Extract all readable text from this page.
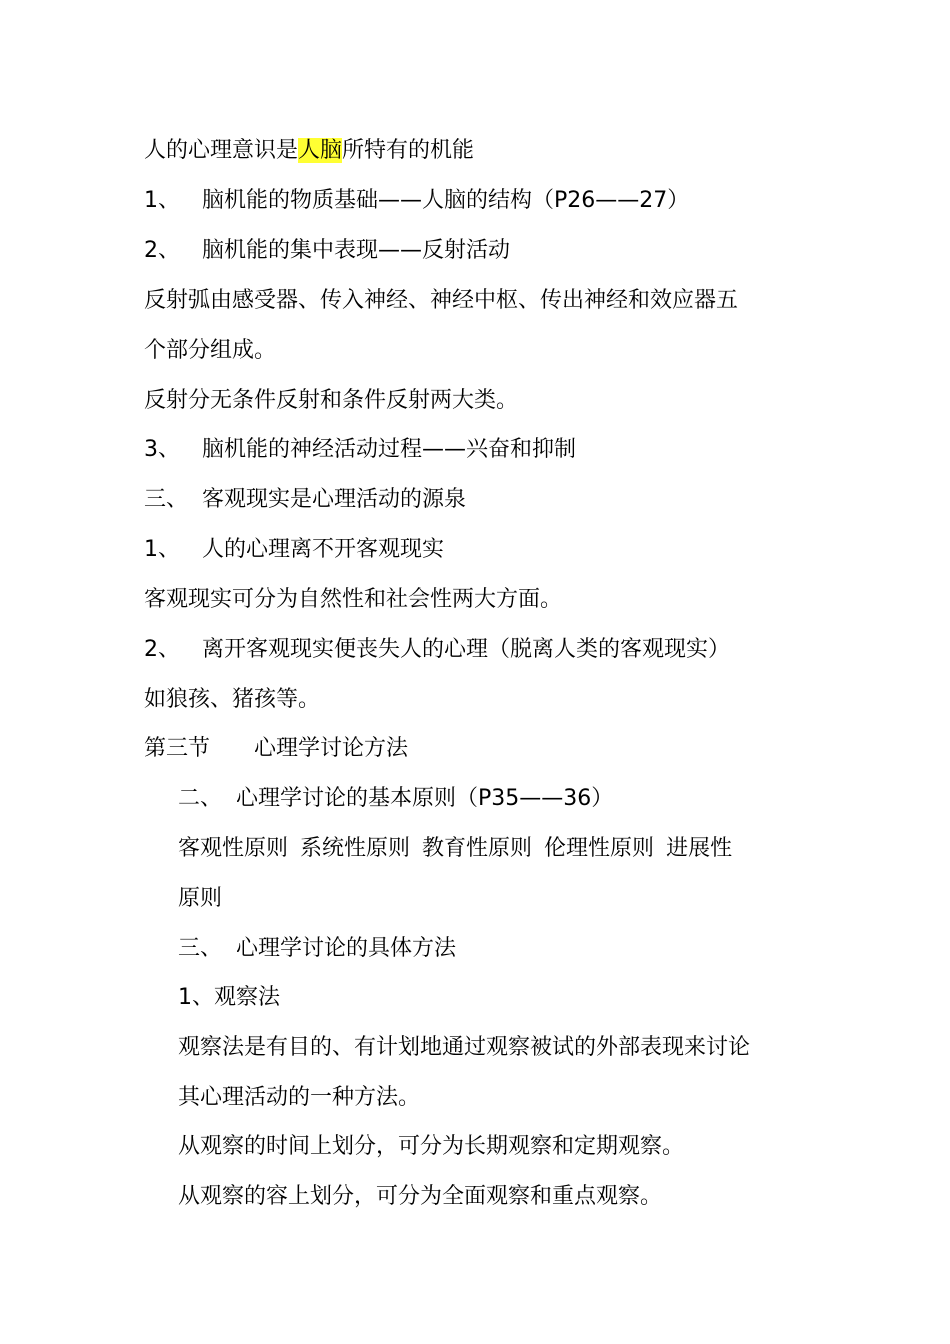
人的心理意识是人脑所特有的机能
1、 脑机能的物质基础——人脑的结构（P26——27）
2、 脑机能的集中表现——反射活动
反射弧由感受器、传入神经、神经中枢、传出神经和效应器五
个部分组成。
反射分无条件反射和条件反射两大类。
3、 脑机能的神经活动过程——兴奋和抑制
三、 客观现实是心理活动的源泉
1、 人的心理离不开客观现实
客观现实可分为自然性和社会性两大方面。
2、 离开客观现实便丧失人的心理（脱离人类的客观现实）
如狼孩、猪孩等。
第三节 心理学讨论方法
二、 心理学讨论的基本原则（P35——36）
客观性原则 系统性原则 教育性原则 伦理性原则 进展性
原则
三、 心理学讨论的具体方法
1、观察法
观察法是有目的、有计划地通过观察被试的外部表现来讨论
其心理活动的一种方法。
从观察的时间上划分，可分为长期观察和定期观察。
从观察的容上划分，可分为全面观察和重点观察。
